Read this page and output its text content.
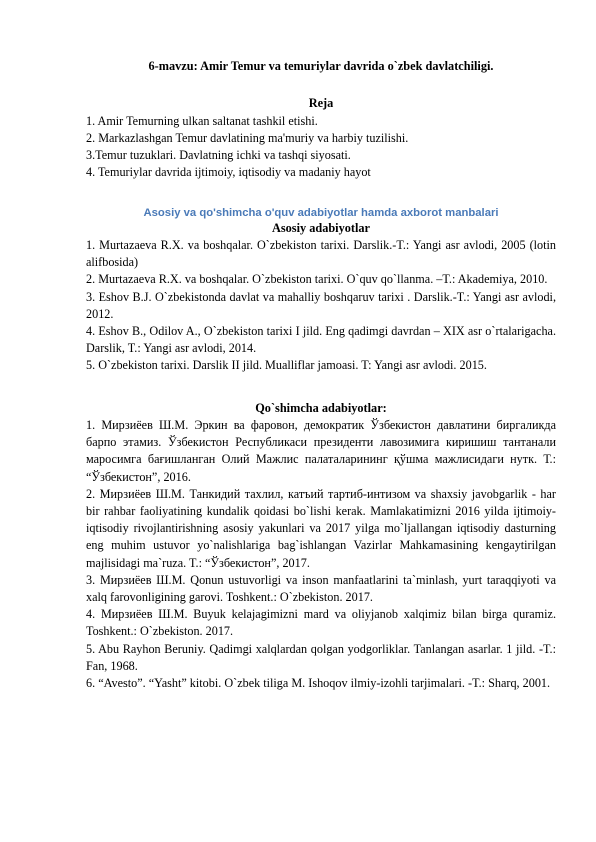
6-mavzu: Amir Temur va temuriylar davrida o`zbek davlatchiligi.
Reja
1. Amir Temurning ulkan saltanat tashkil etishi.
2. Markazlashgan Temur davlatining ma'muriy va harbiy tuzilishi.
3.Temur tuzuklari. Davlatning ichki va tashqi siyosati.
4. Temuriylar davrida ijtimoiy, iqtisodiy va madaniy hayot
Asosiy va qo'shimcha o'quv adabiyotlar hamda axborot manbalari
Asosiy adabiyotlar
1. Murtazaeva R.X. va boshqalar. O`zbekiston tarixi. Darslik.-T.: Yangi asr avlodi, 2005 (lotin alifbosida)
2. Murtazaeva R.X. va boshqalar. O`zbekiston tarixi. O`quv qo`llanma. –T.: Akademiya, 2010.
3. Eshov B.J. O`zbekistonda davlat va mahalliy boshqaruv tarixi . Darslik.-T.: Yangi asr avlodi, 2012.
4. Eshov B., Odilov A., O`zbekiston tarixi I jild. Eng qadimgi davrdan – XIX asr o`rtalarigacha. Darslik, T.: Yangi asr avlodi, 2014.
5. O`zbekiston tarixi. Darslik II jild. Mualliflar jamoasi. T: Yangi asr avlodi. 2015.
Qo`shimcha adabiyotlar:
1. Мирзиёев Ш.М. Эркин ва фаровон, демократик Ўзбекистон давлатини биргаликда барпо этамиз. Ўзбекистон Республикаси президенти лавозимига киришиш тантанали маросимга бағишланган Олий Мажлис палаталарининг қўшма мажлисидаги нутк. Т.: “Ўзбекистон”, 2016.
2. Мирзиёев Ш.М. Танкидий тахлил, катъий тартиб-интизом va shaxsiy javobgarlik - har bir rahbar faoliyatining kundalik qoidasi bo`lishi kerak. Mamlakatimizni 2016 yilda ijtimoiy-iqtisodiy rivojlantirishning asosiy yakunlari va 2017 yilga mo`ljallangan iqtisodiy dasturning eng muhim ustuvor yo`nalishlariga bag`ishlangan Vazirlar Mahkamasining kengaytirilgan majlisidagi ma`ruza. T.: “Ўзбекистон”, 2017.
3. Мирзиёев Ш.М. Qonun ustuvorligi va inson manfaatlarini ta`minlash, yurt taraqqiyoti va xalq farovonligining garovi. Toshkent.: O`zbekiston. 2017.
4. Мирзиёев Ш.М. Buyuk kelajagimizni mard va oliyjanob xalqimiz bilan birga quramiz. Toshkent.: O`zbekiston. 2017.
5. Abu Rayhon Beruniy. Qadimgi xalqlardan qolgan yodgorliklar. Tanlangan asarlar. 1 jild. -T.: Fan, 1968.
6. “Avesto”. “Yasht” kitobi. O`zbek tiliga M. Ishoqov ilmiy-izohli tarjimalari. -T.: Sharq, 2001.
